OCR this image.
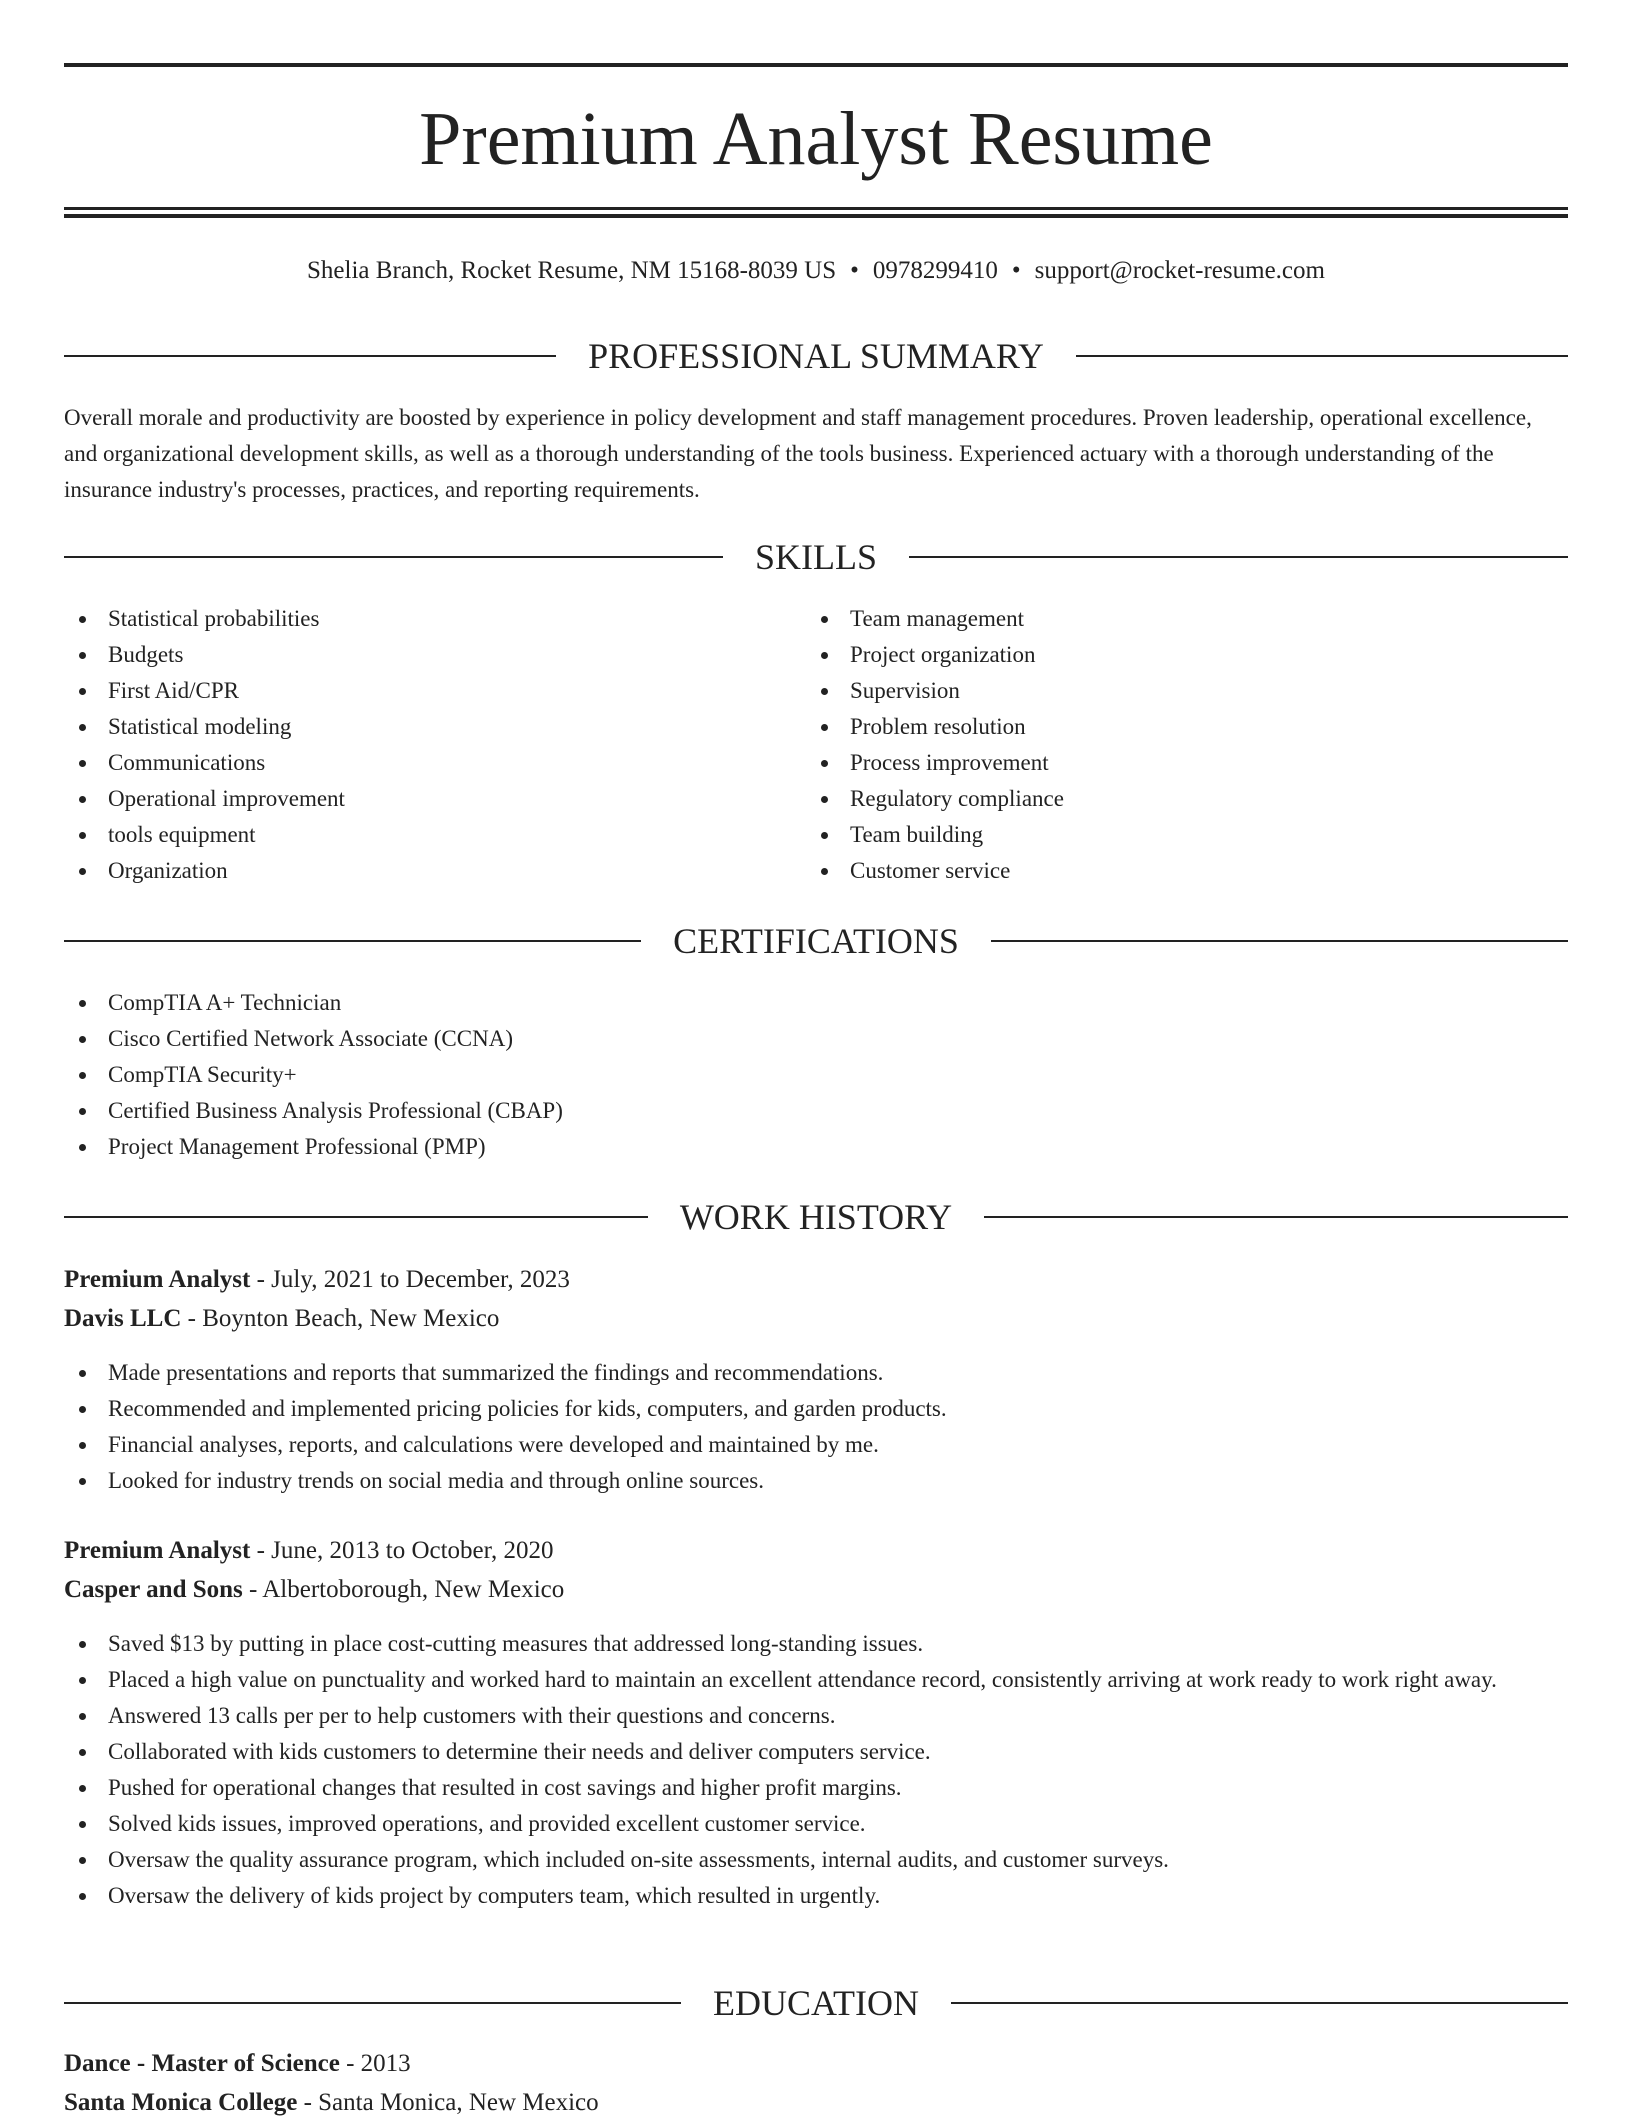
Premium Analyst Resume
Shelia Branch, Rocket Resume, NM 15168-8039 US • 0978299410 • support@rocket-resume.com
PROFESSIONAL SUMMARY

Overall morale and productivity are boosted by experience in policy development and staff management procedures. Proven leadership, operational excellence, and organizational development skills, as well as a thorough understanding of the tools business. Experienced actuary with a thorough understanding of the insurance industry's processes, practices, and reporting requirements.

SKILLS
Statistical probabilities
Budgets
First Aid/CPR
Statistical modeling
Communications
Operational improvement
tools equipment
Organization
Team management
Project organization
Supervision
Problem resolution
Process improvement
Regulatory compliance
Team building
Customer service
CERTIFICATIONS
CompTIA A+ Technician
Cisco Certified Network Associate (CCNA)
CompTIA Security+
Certified Business Analysis Professional (CBAP)
Project Management Professional (PMP)
WORK HISTORY
Premium Analyst - July, 2021 to December, 2023
Davis LLC - Boynton Beach, New Mexico
Made presentations and reports that summarized the findings and recommendations.
Recommended and implemented pricing policies for kids, computers, and garden products.
Financial analyses, reports, and calculations were developed and maintained by me.
Looked for industry trends on social media and through online sources.
Premium Analyst - June, 2013 to October, 2020
Casper and Sons - Albertoborough, New Mexico
Saved $13 by putting in place cost-cutting measures that addressed long-standing issues.
Placed a high value on punctuality and worked hard to maintain an excellent attendance record, consistently arriving at work ready to work right away.
Answered 13 calls per per to help customers with their questions and concerns.
Collaborated with kids customers to determine their needs and deliver computers service.
Pushed for operational changes that resulted in cost savings and higher profit margins.
Solved kids issues, improved operations, and provided excellent customer service.
Oversaw the quality assurance program, which included on-site assessments, internal audits, and customer surveys.
Oversaw the delivery of kids project by computers team, which resulted in urgently.
EDUCATION
Dance - Master of Science - 2013
Santa Monica College - Santa Monica, New Mexico
